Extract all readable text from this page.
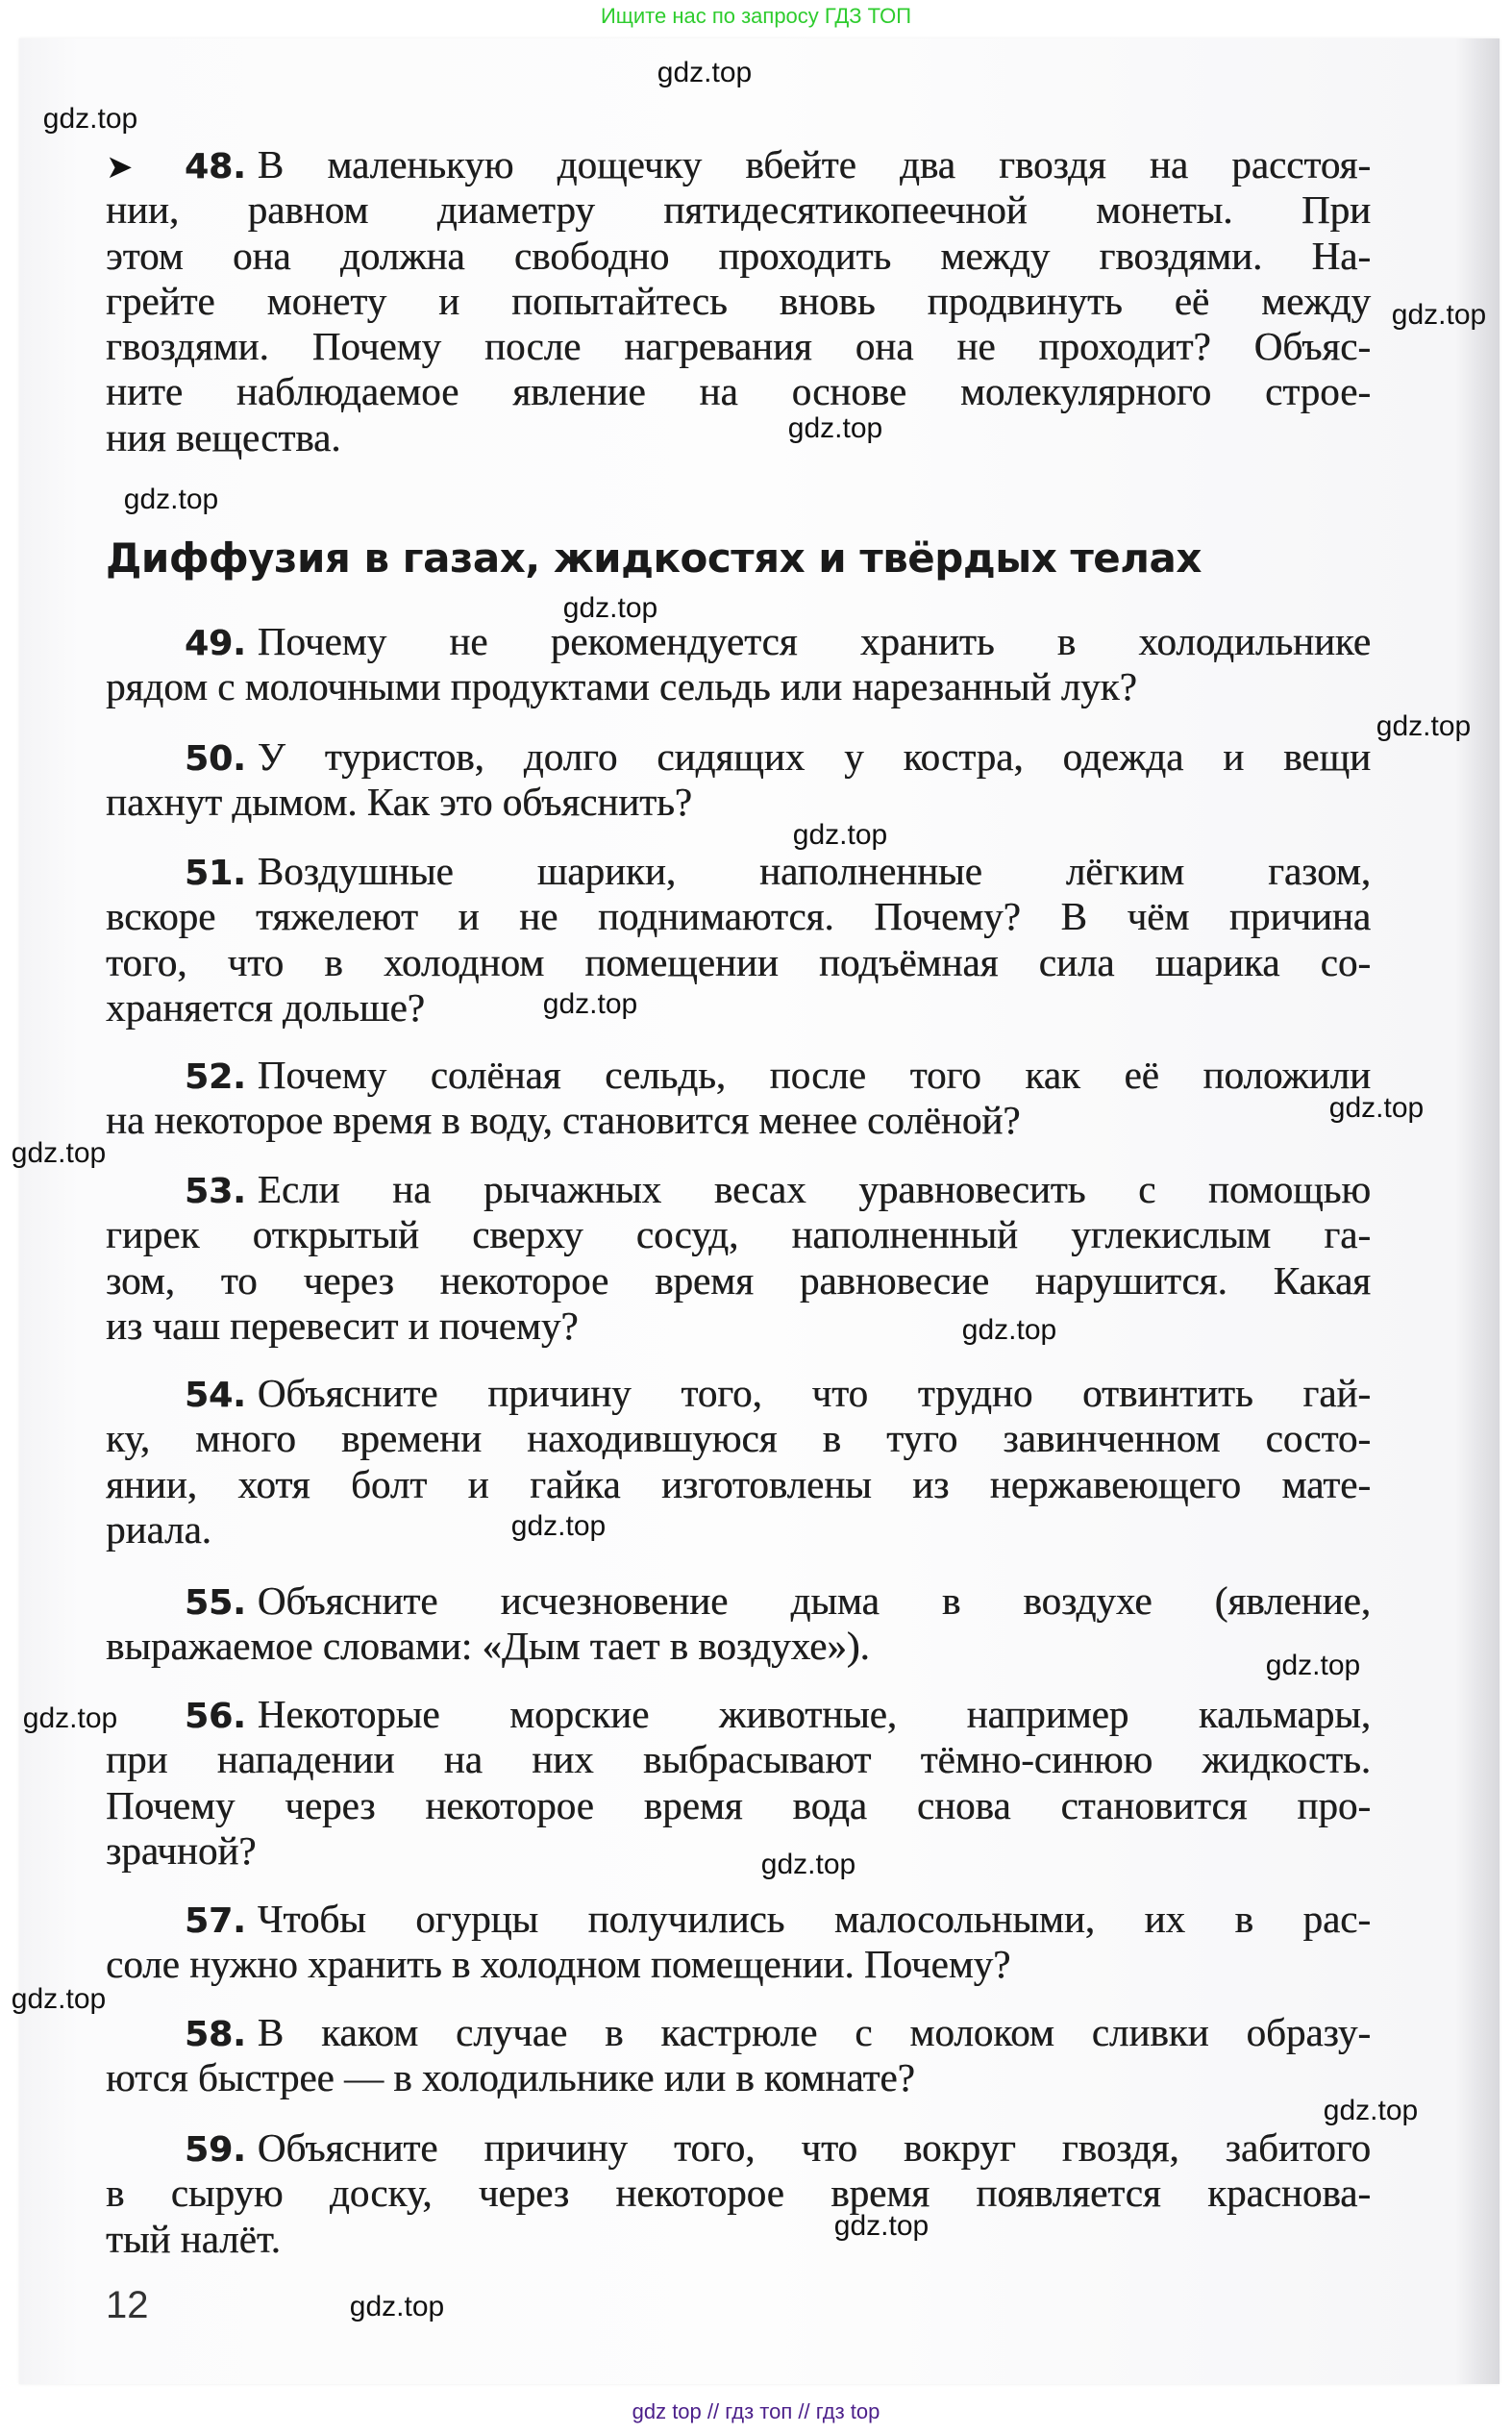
Ищите нас по запросу ГДЗ ТОП
Диффузия в газах, жидкостях и твёрдых телах
➤	48. В маленькую дощечку вбейте два гвоздя на расстоя-
нии, равном диаметру пятидесятикопеечной монеты. При
этом она должна свободно проходить между гвоздями. На-
грейте монету и попытайтесь вновь продвинуть её между
гвоздями. Почему после нагревания она не проходит? Объяс-
ните наблюдаемое явление на основе молекулярного строе-
ния вещества.
49. Почему не рекомендуется хранить в холодильнике
рядом с молочными продуктами сельдь или нарезанный лук?
50. У туристов, долго сидящих у костра, одежда и вещи
пахнут дымом. Как это объяснить?
51. Воздушные шарики, наполненные лёгким газом,
вскоре тяжелеют и не поднимаются. Почему? В чём причина
того, что в холодном помещении подъёмная сила шарика со-
храняется дольше?
52. Почему солёная сельдь, после того как её положили
на некоторое время в воду, становится менее солёной?
53. Если на рычажных весах уравновесить с помощью
гирек открытый сверху сосуд, наполненный углекислым га-
зом, то через некоторое время равновесие нарушится. Какая
из чаш перевесит и почему?
54. Объясните причину того, что трудно отвинтить гай-
ку, много времени находившуюся в туго завинченном состо-
янии, хотя болт и гайка изготовлены из нержавеющего мате-
риала.
55. Объясните исчезновение дыма в воздухе (явление,
выражаемое словами: «Дым тает в воздухе»).
56. Некоторые морские животные, например кальмары,
при нападении на них выбрасывают тёмно-синюю жидкость.
Почему через некоторое время вода снова становится про-
зрачной?
57. Чтобы огурцы получились малосольными, их в рас-
соле нужно хранить в холодном помещении. Почему?
58. В каком случае в кастрюле с молоком сливки образу-
ются быстрее — в холодильнике или в комнате?
59. Объясните причину того, что вокруг гвоздя, забитого
в сырую доску, через некоторое время появляется краснова-
тый налёт.
12
gdz.top
gdz.top
gdz.top
gdz.top
gdz.top
gdz.top
gdz.top
gdz.top
gdz.top
gdz.top
gdz.top
gdz.top
gdz.top
gdz.top
gdz.top
gdz.top
gdz.top
gdz.top
gdz.top
gdz.top
gdz top // гдз топ // гдз top
